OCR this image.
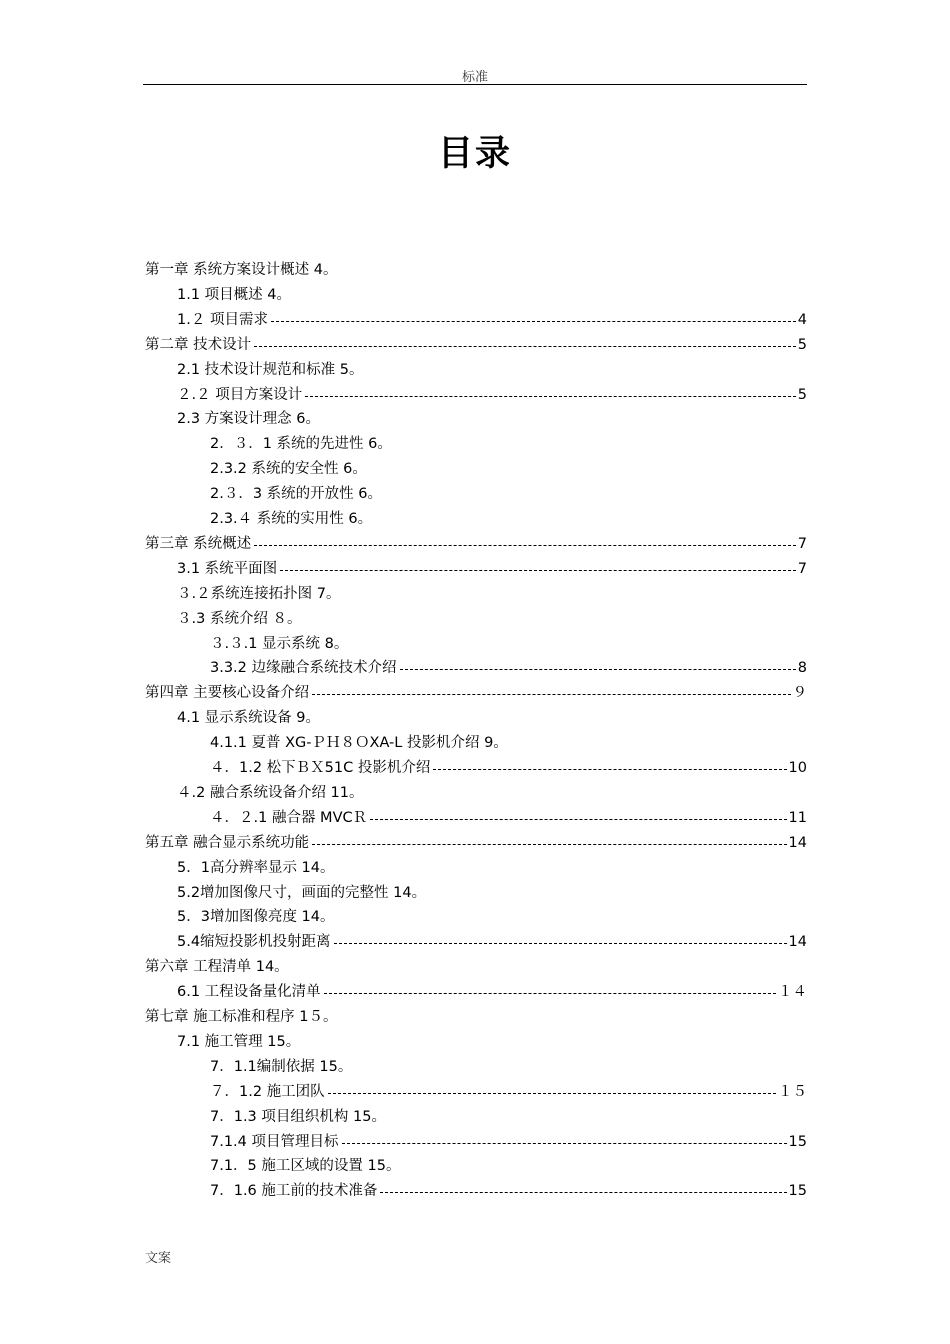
标准
目录
第一章 系统方案设计概述 4。
1.1 项目概述 4。
1.２ 项目需求	4
第二章 技术设计	5
2.1 技术设计规范和标准 5。
２.２ 项目方案设计	5
2.3 方案设计理念 6。
2．３．1 系统的先进性 6。
2.3.2 系统的安全性 6。
2.３．3 系统的开放性 6。
2.3.４ 系统的实用性 6。
第三章 系统概述	7
3.1 系统平面图	7
３.２系统连接拓扑图 7。
３.3 系统介绍 ８。
３.３.1 显示系统 8。
3.3.2 边缘融合系统技术介绍	8
第四章 主要核心设备介绍	９
4.1 显示系统设备 9。
4.1.1 夏普 XG-ＰＨ８ＯXA-L 投影机介绍 9。
４．1.2 松下ＢＸ51C 投影机介绍	10
４.2 融合系统设备介绍 11。
４．２.1 融合器 MVCＲ	11
第五章 融合显示系统功能	14
5．1高分辨率显示 14。
5.2增加图像尺寸，画面的完整性 14。
5．3增加图像亮度 14。
5.4缩短投影机投射距离	14
第六章 工程清单 14。
6.1 工程设备量化清单	１４
第七章 施工标准和程序 1５。
7.1 施工管理 15。
7．1.1编制依据 15。
７．1.2 施工团队	１５
7．1.3 项目组织机构 15。
7.1.4 项目管理目标	15
7.1．5 施工区域的设置 15。
7．1.6 施工前的技术准备	15
文案
